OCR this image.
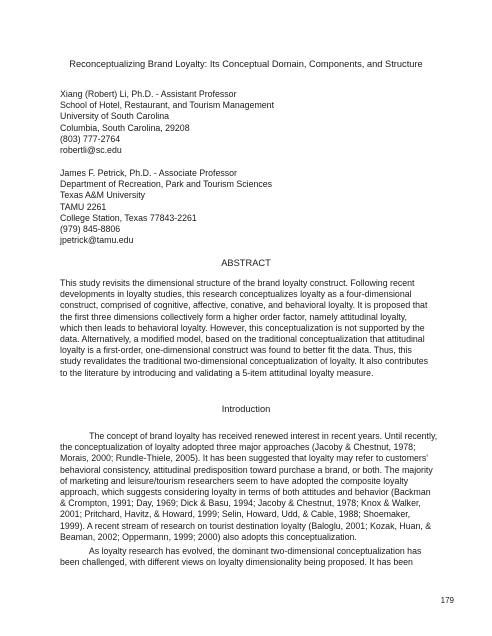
Reconceptualizing Brand Loyalty: Its Conceptual Domain, Components, and Structure
Xiang (Robert) Li, Ph.D. - Assistant Professor
School of Hotel, Restaurant, and Tourism Management
University of South Carolina
Columbia, South Carolina, 29208
(803) 777-2764
robertli@sc.edu
James F. Petrick, Ph.D. - Associate Professor
Department of Recreation, Park and Tourism Sciences
Texas A&M University
TAMU 2261
College Station, Texas 77843-2261
(979) 845-8806
jpetrick@tamu.edu
ABSTRACT
This study revisits the dimensional structure of the brand loyalty construct. Following recent
developments in loyalty studies, this research conceptualizes loyalty as a four-dimensional
construct, comprised of cognitive, affective, conative, and behavioral loyalty. It is proposed that
the first three dimensions collectively form a higher order factor, namely attitudinal loyalty,
which then leads to behavioral loyalty. However, this conceptualization is not supported by the
data. Alternatively, a modified model, based on the traditional conceptualization that attitudinal
loyalty is a first-order, one-dimensional construct was found to better fit the data. Thus, this
study revalidates the traditional two-dimensional conceptualization of loyalty. It also contributes
to the literature by introducing and validating a 5-item attitudinal loyalty measure.
Introduction
The concept of brand loyalty has received renewed interest in recent years. Until recently,
the conceptualization of loyalty adopted three major approaches (Jacoby & Chestnut, 1978;
Morais, 2000; Rundle-Thiele, 2005). It has been suggested that loyalty may refer to customers'
behavioral consistency, attitudinal predisposition toward purchase a brand, or both. The majority
of marketing and leisure/tourism researchers seem to have adopted the composite loyalty
approach, which suggests considering loyalty in terms of both attitudes and behavior (Backman
& Crompton, 1991; Day, 1969; Dick & Basu, 1994; Jacoby & Chestnut, 1978; Knox & Walker,
2001; Pritchard, Havitz, & Howard, 1999; Selin, Howard, Udd, & Cable, 1988; Shoemaker,
1999). A recent stream of research on tourist destination loyalty (Baloglu, 2001; Kozak, Huan, &
Beaman, 2002; Oppermann, 1999; 2000) also adopts this conceptualization.
As loyalty research has evolved, the dominant two-dimensional conceptualization has
been challenged, with different views on loyalty dimensionality being proposed. It has been
179
